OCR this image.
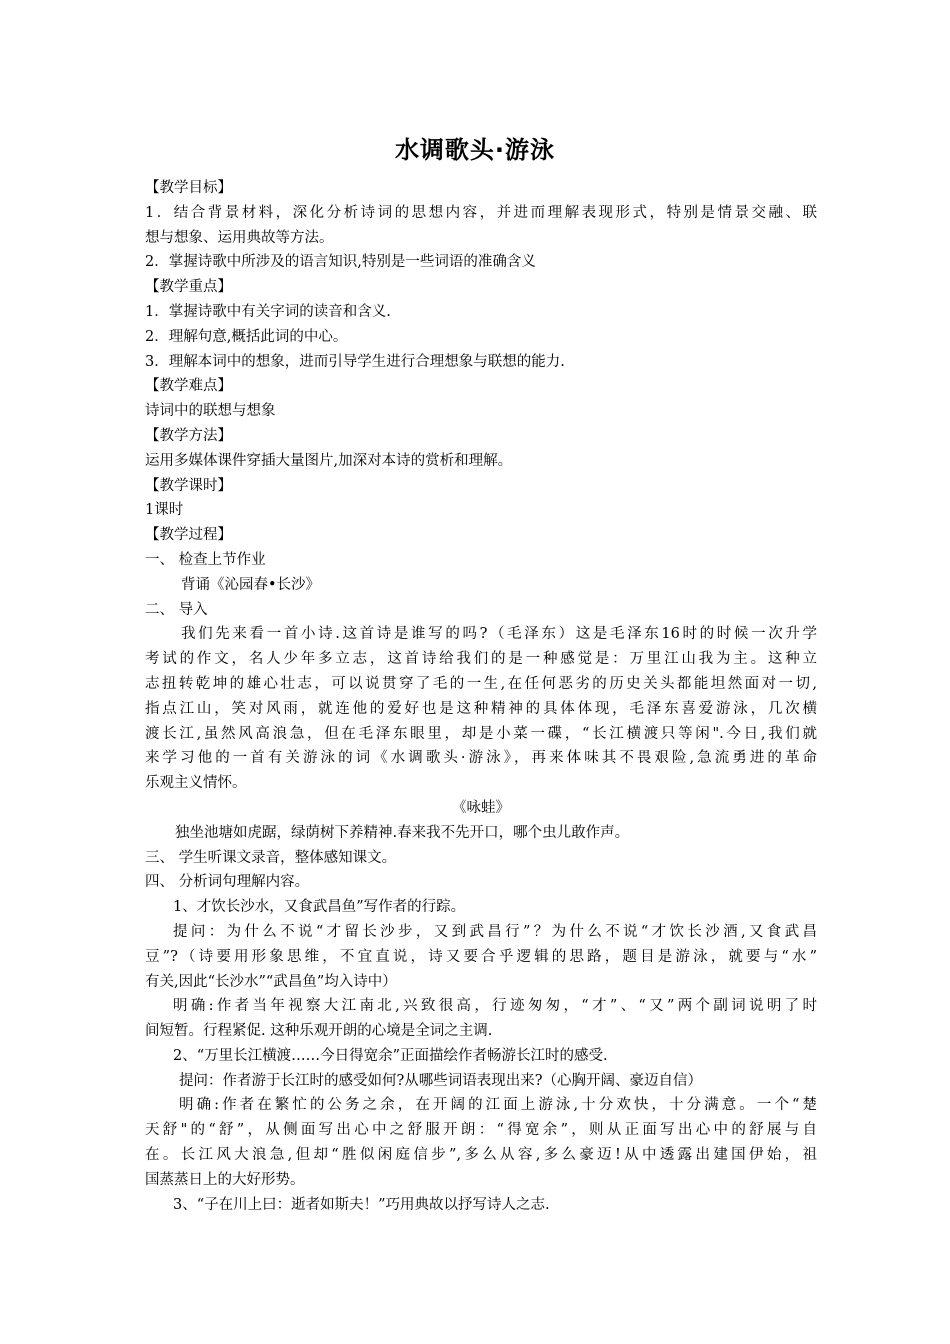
水调歌头·游泳
【教学目标】
1．结合背景材料，深化分析诗词的思想内容，并进而理解表现形式，特别是情景交融、联
想与想象、运用典故等方法。
2．掌握诗歌中所涉及的语言知识,特别是一些词语的准确含义
【教学重点】
1．掌握诗歌中有关字词的读音和含义.
2．理解句意,概括此词的中心。
3．理解本词中的想象，进而引导学生进行合理想象与联想的能力.
【教学难点】
诗词中的联想与想象
【教学方法】
运用多媒体课件穿插大量图片,加深对本诗的赏析和理解。
【教学课时】
1课时
【教学过程】
一、 检查上节作业
背诵《沁园春•长沙》
二、 导入
我们先来看一首小诗.这首诗是谁写的吗?（毛泽东）这是毛泽东16时的时候一次升学
考试的作文，名人少年多立志，这首诗给我们的是一种感觉是：万里江山我为主。这种立
志扭转乾坤的雄心壮志，可以说贯穿了毛的一生,在任何恶劣的历史关头都能坦然面对一切,
指点江山，笑对风雨，就连他的爱好也是这种精神的具体体现，毛泽东喜爱游泳，几次横
渡长江,虽然风高浪急，但在毛泽东眼里，却是小菜一碟，“长江横渡只等闲".今日,我们就
来学习他的一首有关游泳的词《水调歌头·游泳》，再来体味其不畏艰险,急流勇进的革命
乐观主义情怀。
《咏蛙》
独坐池塘如虎踞，绿荫树下养精神.春来我不先开口，哪个虫儿敢作声。
三、 学生听课文录音，整体感知课文。
四、 分析词句理解内容。
1、才饮长沙水，又食武昌鱼”写作者的行踪。
提问：为什么不说“才留长沙步，又到武昌行”？为什么不说“才饮长沙酒,又食武昌
豆”?（诗要用形象思维，不宜直说，诗又要合乎逻辑的思路，题目是游泳，就要与“水”
有关,因此“长沙水”“武昌鱼”均入诗中）
明确:作者当年视察大江南北,兴致很高，行迹匆匆，“才”、“又”两个副词说明了时
间短暂。行程紧促. 这种乐观开朗的心境是全词之主调.
2、“万里长江横渡……今日得宽余”正面描绘作者畅游长江时的感受.
提问：作者游于长江时的感受如何?从哪些词语表现出来?（心胸开阔、豪迈自信）
明确:作者在繁忙的公务之余，在开阔的江面上游泳,十分欢快，十分满意。一个“楚
天舒"的“舒”，从侧面写出心中之舒服开朗：“得宽余”，则从正面写出心中的舒展与自
在。长江风大浪急,但却“胜似闲庭信步”,多么从容,多么豪迈!从中透露出建国伊始，祖
国蒸蒸日上的大好形势。
3、“子在川上曰：逝者如斯夫！”巧用典故以抒写诗人之志.
